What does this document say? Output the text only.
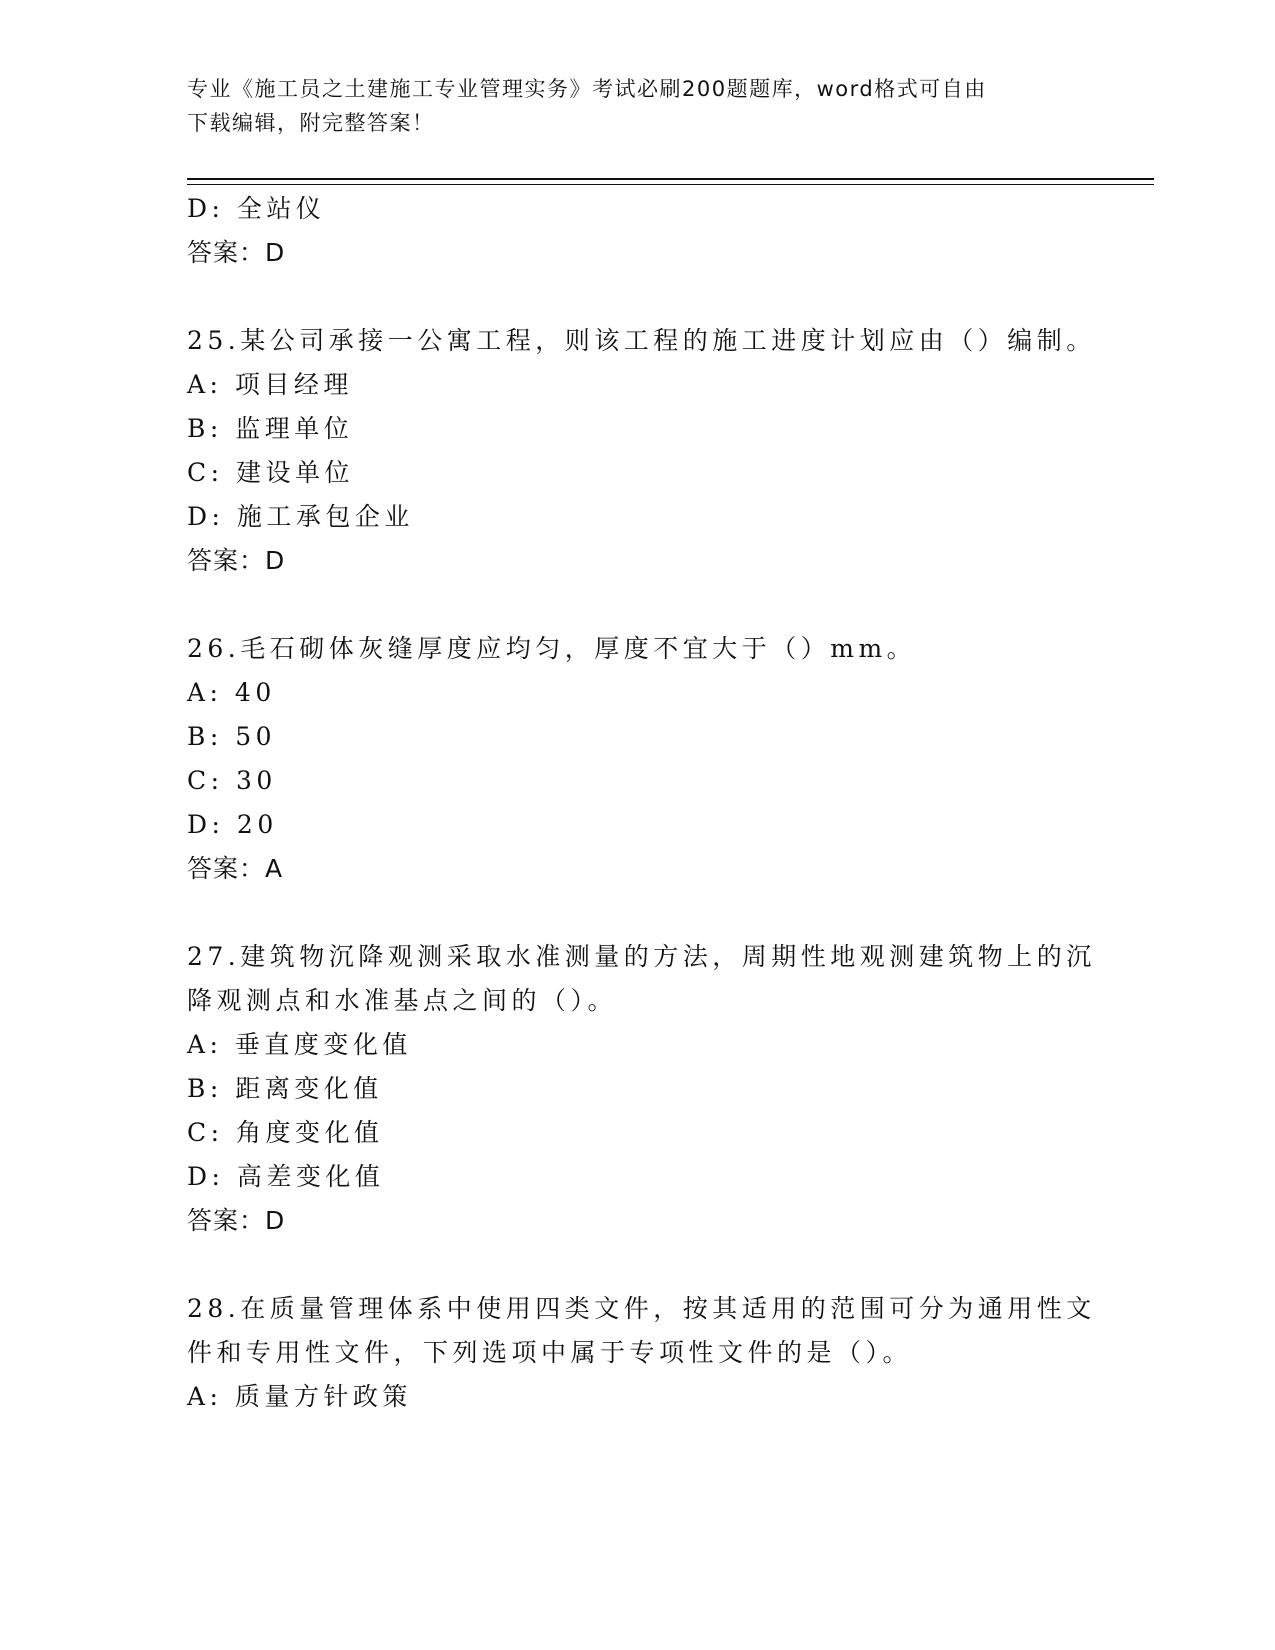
专业《施工员之土建施工专业管理实务》考试必刷200题题库，word格式可自由
下载编辑，附完整答案！
D: 全站仪
答案：D
25.某公司承接一公寓工程，则该工程的施工进度计划应由（）编制。
A: 项目经理
B: 监理单位
C: 建设单位
D: 施工承包企业
答案：D
26.毛石砌体灰缝厚度应均匀，厚度不宜大于（）mm。
A: 40
B: 50
C: 30
D: 20
答案：A
27.建筑物沉降观测采取水准测量的方法，周期性地观测建筑物上的沉
降观测点和水准基点之间的（）。
A: 垂直度变化值
B: 距离变化值
C: 角度变化值
D: 高差变化值
答案：D
28.在质量管理体系中使用四类文件，按其适用的范围可分为通用性文
件和专用性文件，下列选项中属于专项性文件的是（）。
A: 质量方针政策
